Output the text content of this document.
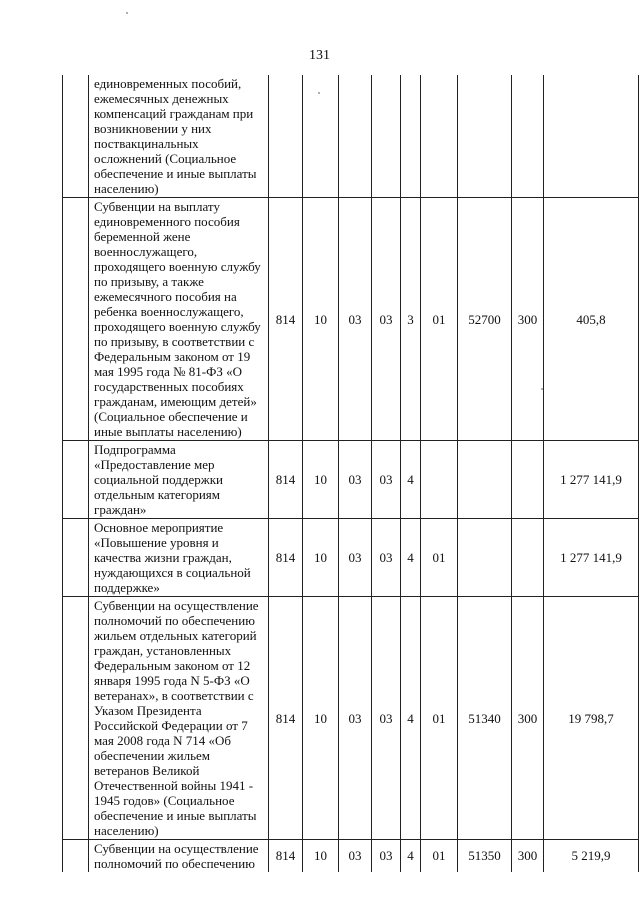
131
	единовременных пособий, ежемесячных денежных компенсаций гражданам при возникновении у них поствакцинальных осложнений (Социальное обеспечение и иные выплаты населению)									
	Субвенции на выплату единовременного пособия беременной жене военнослужащего, проходящего военную службу по призыву, а также ежемесячного пособия на ребенка военнослужащего, проходящего военную службу по призыву, в соответствии с Федеральным законом от 19 мая 1995 года № 81-ФЗ «О государственных пособиях гражданам, имеющим детей» (Социальное обеспечение и иные выплаты населению)	814	10	03	03	3	01	52700	300	405,8
	Подпрограмма «Предоставление мер социальной поддержки отдельным категориям граждан»	814	10	03	03	4				1 277 141,9
	Основное мероприятие «Повышение уровня и качества жизни граждан, нуждающихся в социальной поддержке»	814	10	03	03	4	01			1 277 141,9
	Субвенции на осуществление полномочий по обеспечению жильем отдельных категорий граждан, установленных Федеральным законом от 12 января 1995 года N 5-ФЗ «О ветеранах», в соответствии с Указом Президента Российской Федерации от 7 мая 2008 года N 714 «Об обеспечении жильем ветеранов Великой Отечественной войны 1941 - 1945 годов» (Социальное обеспечение и иные выплаты населению)	814	10	03	03	4	01	51340	300	19 798,7
	Субвенции на осуществление полномочий по обеспечению	814	10	03	03	4	01	51350	300	5 219,9
